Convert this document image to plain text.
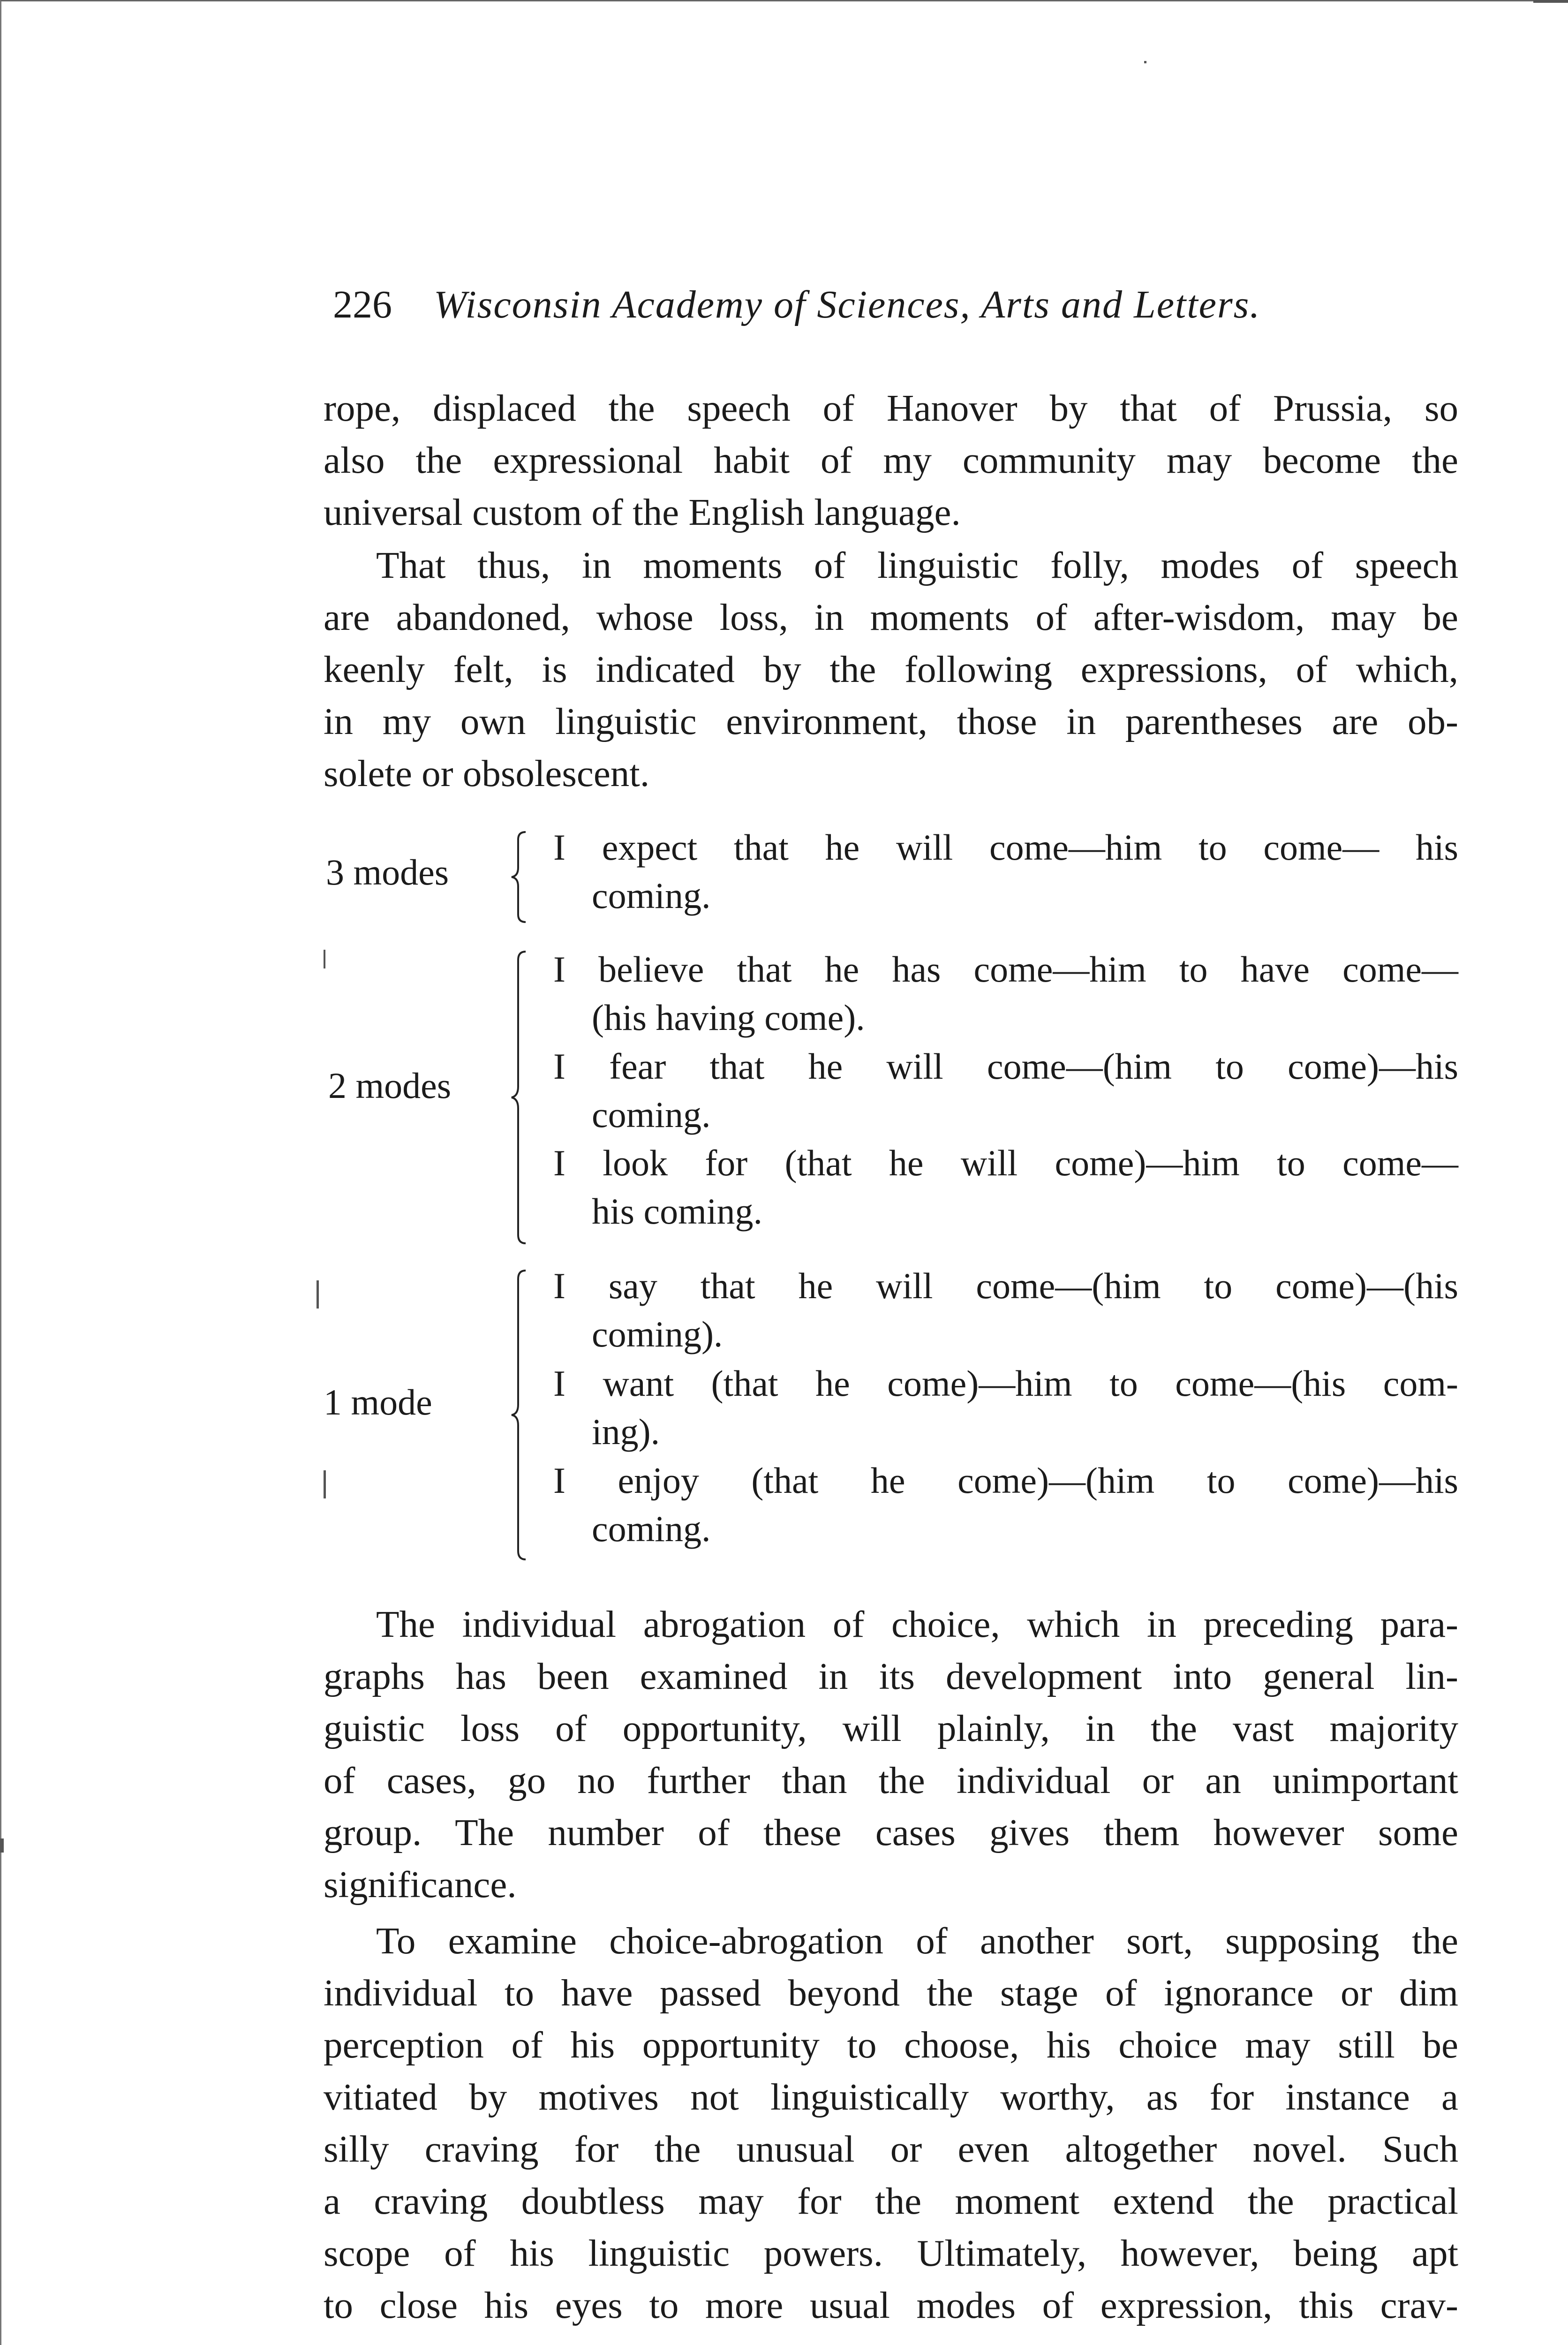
226 Wisconsin Academy of Sciences, Arts and Letters.
rope, displaced the speech of Hanover by that of Prussia, so
also the expressional habit of my community may become the
universal custom of the English language.
That thus, in moments of linguistic folly, modes of speech
are abandoned, whose loss, in moments of after-wisdom, may be
keenly felt, is indicated by the following expressions, of which,
in my own linguistic environment, those in parentheses are ob-
solete or obsolescent.
3 modes
I expect that he will come—him to come— his
coming.
2 modes
I believe that he has come—him to have come—
(his having come).
I fear that he will come—(him to come)—his
coming.
I look for (that he will come)—him to come—
his coming.
1 mode
I say that he will come—(him to come)—(his
coming).
I want (that he come)—him to come—(his com-
ing).
I enjoy (that he come)—(him to come)—his
coming.
The individual abrogation of choice, which in preceding para-
graphs has been examined in its development into general lin-
guistic loss of opportunity, will plainly, in the vast majority
of cases, go no further than the individual or an unimportant
group. The number of these cases gives them however some
significance.
To examine choice-abrogation of another sort, supposing the
individual to have passed beyond the stage of ignorance or dim
perception of his opportunity to choose, his choice may still be
vitiated by motives not linguistically worthy, as for instance a
silly craving for the unusual or even altogether novel. Such
a craving doubtless may for the moment extend the practical
scope of his linguistic powers. Ultimately, however, being apt
to close his eyes to more usual modes of expression, this crav-
